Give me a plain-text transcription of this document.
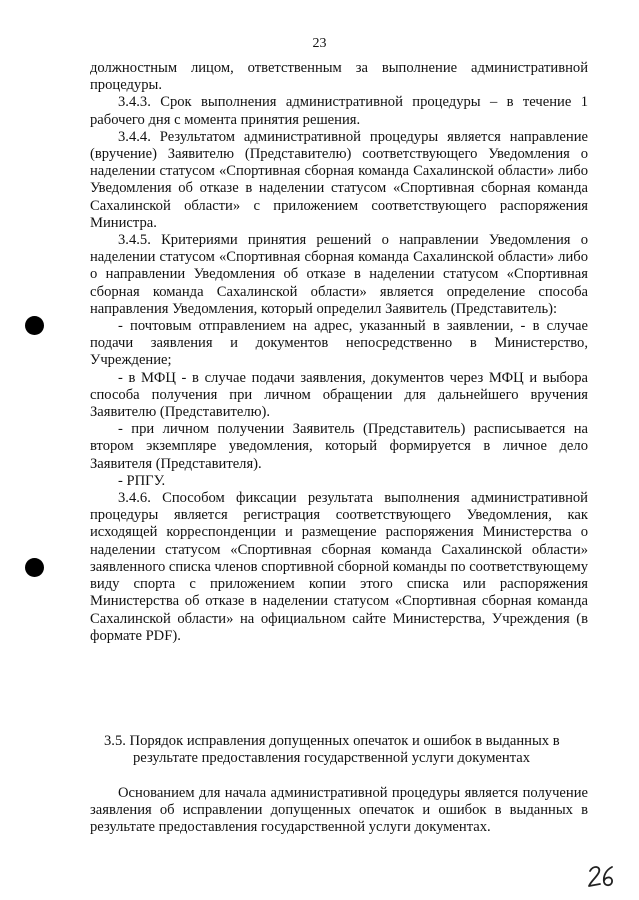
23

должностным лицом, ответственным за выполнение административной процедуры.

3.4.3. Срок выполнения административной процедуры – в течение 1 рабочего дня с момента принятия решения.

3.4.4. Результатом административной процедуры является направление (вручение) Заявителю (Представителю) соответствующего Уведомления о наделении статусом «Спортивная сборная команда Сахалинской области» либо Уведомления об отказе в наделении статусом «Спортивная сборная команда Сахалинской области» с приложением соответствующего распоряжения Министра.

3.4.5. Критериями принятия решений о направлении Уведомления о наделении статусом «Спортивная сборная команда Сахалинской области» либо о направлении Уведомления об отказе в наделении статусом «Спортивная сборная команда Сахалинской области» является определение способа направления Уведомления, который определил Заявитель (Представитель):

- почтовым отправлением на адрес, указанный в заявлении, - в случае подачи заявления и документов непосредственно в Министерство, Учреждение;

- в МФЦ - в случае подачи заявления, документов через МФЦ и выбора способа получения при личном обращении для дальнейшего вручения Заявителю (Представителю).

- при личном получении Заявитель (Представитель) расписывается на втором экземпляре уведомления, который формируется в личное дело Заявителя (Представителя).

- РПГУ.

3.4.6. Способом фиксации результата выполнения административной процедуры является регистрация соответствующего Уведомления, как исходящей корреспонденции и размещение распоряжения Министерства о наделении статусом «Спортивная сборная команда Сахалинской области» заявленного списка членов спортивной сборной команды по соответствующему виду спорта с приложением копии этого списка или распоряжения Министерства об отказе в наделении статусом «Спортивная сборная команда Сахалинской области» на официальном сайте Министерства, Учреждения (в формате PDF).

3.5. Порядок исправления допущенных опечаток и ошибок в выданных в

результате предоставления государственной услуги документах

Основанием для начала административной процедуры является получение заявления об исправлении допущенных опечаток и ошибок в выданных в результате предоставления государственной услуги документах.
